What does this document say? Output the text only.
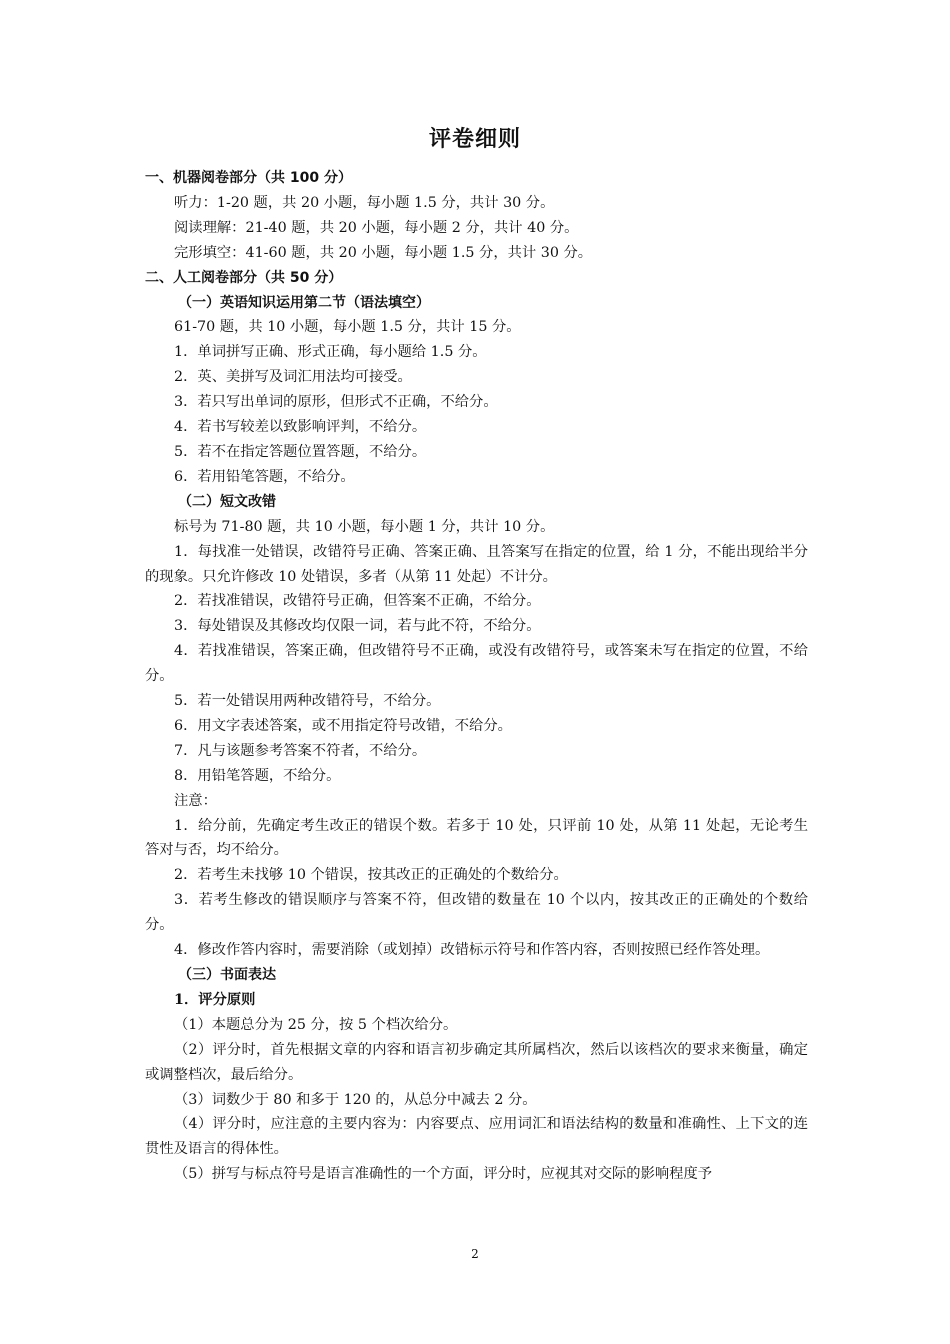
评卷细则

一、机器阅卷部分（共 100 分）

听力：1-20 题，共 20 小题，每小题 1.5 分，共计 30 分。

阅读理解：21-40 题，共 20 小题，每小题 2 分，共计 40 分。

完形填空：41-60 题，共 20 小题，每小题 1.5 分，共计 30 分。

二、人工阅卷部分（共 50 分）

（一）英语知识运用第二节（语法填空）

61-70 题，共 10 小题，每小题 1.5 分，共计 15 分。

1．单词拼写正确、形式正确，每小题给 1.5 分。

2．英、美拼写及词汇用法均可接受。

3．若只写出单词的原形，但形式不正确，不给分。

4．若书写较差以致影响评判，不给分。

5．若不在指定答题位置答题，不给分。

6．若用铅笔答题，不给分。

（二）短文改错

标号为 71-80 题，共 10 小题，每小题 1 分，共计 10 分。

1．每找准一处错误，改错符号正确、答案正确、且答案写在指定的位置，给 1 分，不能出现给半分的现象。只允许修改 10 处错误，多者（从第 11 处起）不计分。

2．若找准错误，改错符号正确，但答案不正确，不给分。

3．每处错误及其修改均仅限一词，若与此不符，不给分。

4．若找准错误，答案正确，但改错符号不正确，或没有改错符号，或答案未写在指定的位置，不给分。

5．若一处错误用两种改错符号，不给分。

6．用文字表述答案，或不用指定符号改错，不给分。

7．凡与该题参考答案不符者，不给分。

8．用铅笔答题，不给分。

注意：

1．给分前，先确定考生改正的错误个数。若多于 10 处，只评前 10 处，从第 11 处起，无论考生答对与否，均不给分。

2．若考生未找够 10 个错误，按其改正的正确处的个数给分。

3．若考生修改的错误顺序与答案不符，但改错的数量在 10 个以内，按其改正的正确处的个数给分。

4．修改作答内容时，需要消除（或划掉）改错标示符号和作答内容，否则按照已经作答处理。

（三）书面表达

1．评分原则

（1）本题总分为 25 分，按 5 个档次给分。

（2）评分时，首先根据文章的内容和语言初步确定其所属档次，然后以该档次的要求来衡量，确定或调整档次，最后给分。

（3）词数少于 80 和多于 120 的，从总分中减去 2 分。

（4）评分时，应注意的主要内容为：内容要点、应用词汇和语法结构的数量和准确性、上下文的连贯性及语言的得体性。

（5）拼写与标点符号是语言准确性的一个方面，评分时，应视其对交际的影响程度予

2
